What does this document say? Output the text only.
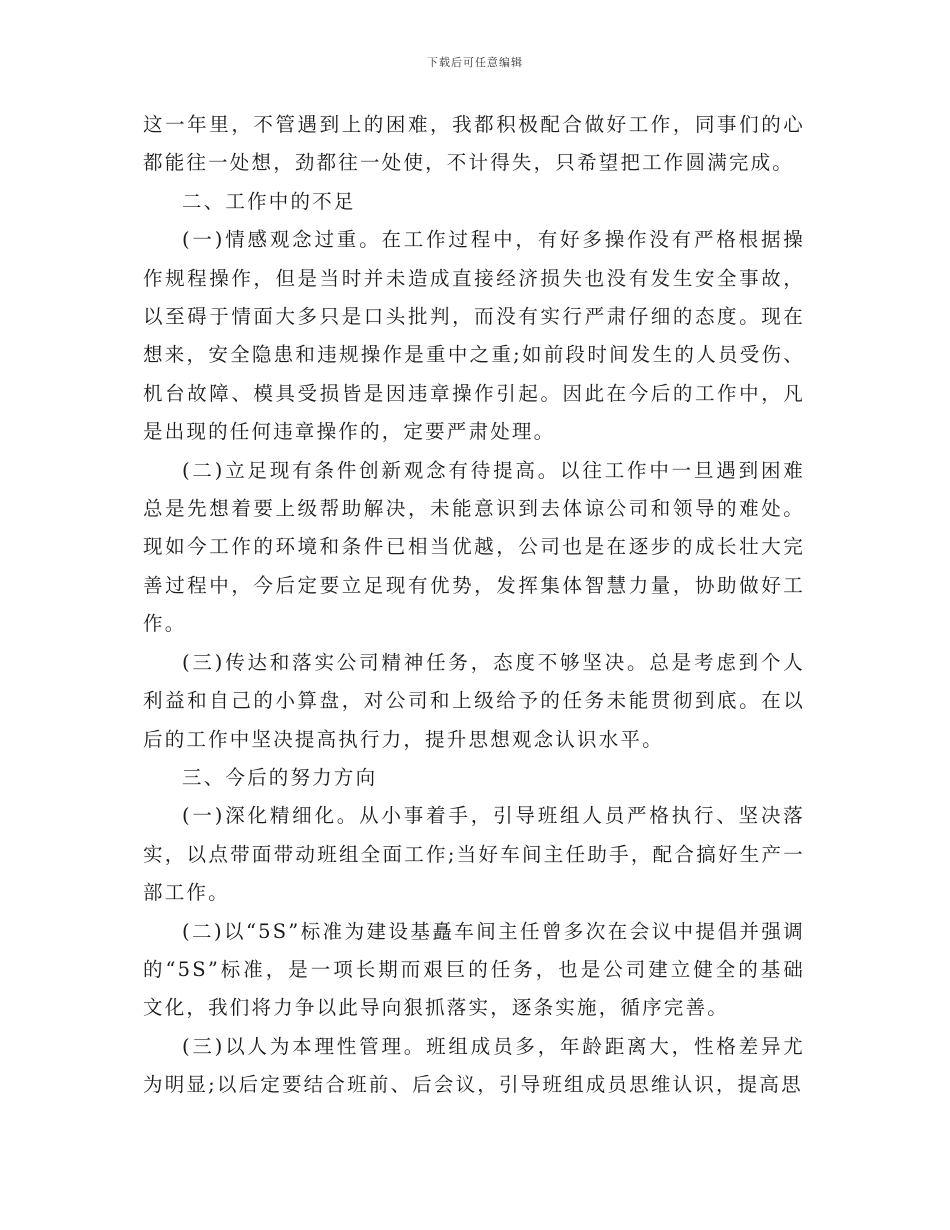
下载后可任意编辑

这一年里，不管遇到上的困难，我都积极配合做好工作，同事们的心都能往一处想，劲都往一处使，不计得失，只希望把工作圆满完成。

二、工作中的不足

(一)情感观念过重。在工作过程中，有好多操作没有严格根据操作规程操作，但是当时并未造成直接经济损失也没有发生安全事故，以至碍于情面大多只是口头批判，而没有实行严肃仔细的态度。现在想来，安全隐患和违规操作是重中之重;如前段时间发生的人员受伤、机台故障、模具受损皆是因违章操作引起。因此在今后的工作中，凡是出现的任何违章操作的，定要严肃处理。

(二)立足现有条件创新观念有待提高。以往工作中一旦遇到困难总是先想着要上级帮助解决，未能意识到去体谅公司和领导的难处。现如今工作的环境和条件已相当优越，公司也是在逐步的成长壮大完善过程中，今后定要立足现有优势，发挥集体智慧力量，协助做好工作。

(三)传达和落实公司精神任务，态度不够坚决。总是考虑到个人利益和自己的小算盘，对公司和上级给予的任务未能贯彻到底。在以后的工作中坚决提高执行力，提升思想观念认识水平。

三、今后的努力方向

(一)深化精细化。从小事着手，引导班组人员严格执行、坚决落实，以点带面带动班组全面工作;当好车间主任助手，配合搞好生产一部工作。

(二)以“5S”标准为建设基矗车间主任曾多次在会议中提倡并强调的“5S”标准，是一项长期而艰巨的任务，也是公司建立健全的基础文化，我们将力争以此导向狠抓落实，逐条实施，循序完善。

(三)以人为本理性管理。班组成员多，年龄距离大，性格差异尤为明显;以后定要结合班前、后会议，引导班组成员思维认识，提高思
